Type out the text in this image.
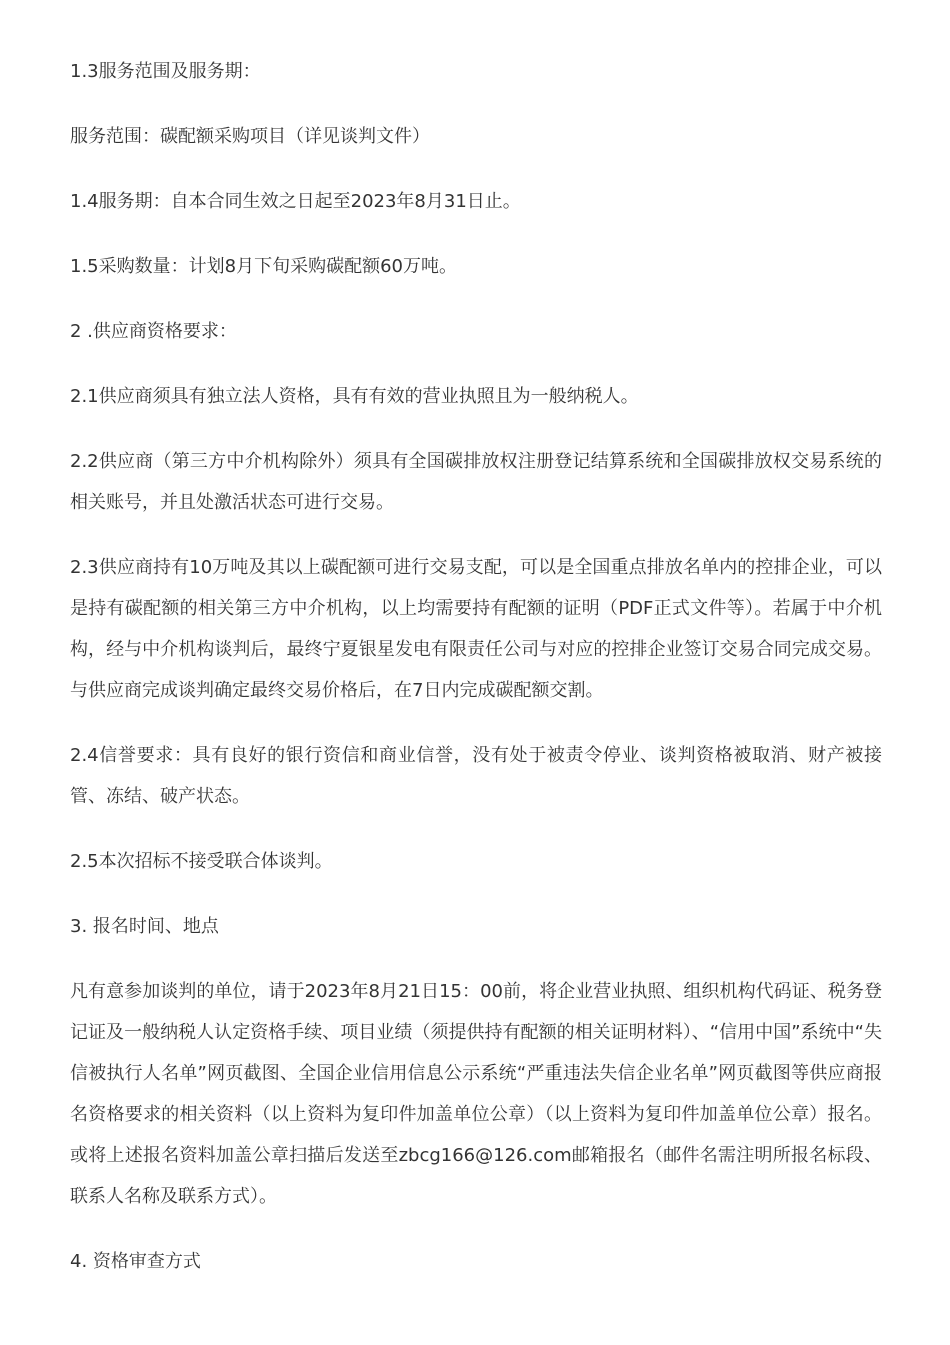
1.3服务范围及服务期：

服务范围：碳配额采购项目（详见谈判文件）

1.4服务期：自本合同生效之日起至2023年8月31日止。

1.5采购数量：计划8月下旬采购碳配额60万吨。

2 .供应商资格要求：

2.1供应商须具有独立法人资格，具有有效的营业执照且为一般纳税人。

2.2供应商（第三方中介机构除外）须具有全国碳排放权注册登记结算系统和全国碳排放权交易系统的相关账号，并且处激活状态可进行交易。

2.3供应商持有10万吨及其以上碳配额可进行交易支配，可以是全国重点排放名单内的控排企业，可以是持有碳配额的相关第三方中介机构，以上均需要持有配额的证明（PDF正式文件等）。若属于中介机构，经与中介机构谈判后，最终宁夏银星发电有限责任公司与对应的控排企业签订交易合同完成交易。与供应商完成谈判确定最终交易价格后，在7日内完成碳配额交割。

2.4信誉要求：具有良好的银行资信和商业信誉，没有处于被责令停业、谈判资格被取消、财产被接管、冻结、破产状态。

2.5本次招标不接受联合体谈判。

3. 报名时间、地点

凡有意参加谈判的单位，请于2023年8月21日15：00前，将企业营业执照、组织机构代码证、税务登记证及一般纳税人认定资格手续、项目业绩（须提供持有配额的相关证明材料）、“信用中国”系统中“失信被执行人名单”网页截图、全国企业信用信息公示系统“严重违法失信企业名单”网页截图等供应商报名资格要求的相关资料（以上资料为复印件加盖单位公章）（以上资料为复印件加盖单位公章）报名。或将上述报名资料加盖公章扫描后发送至zbcg166@126.com邮箱报名（邮件名需注明所报名标段、联系人名称及联系方式）。

4. 资格审查方式
